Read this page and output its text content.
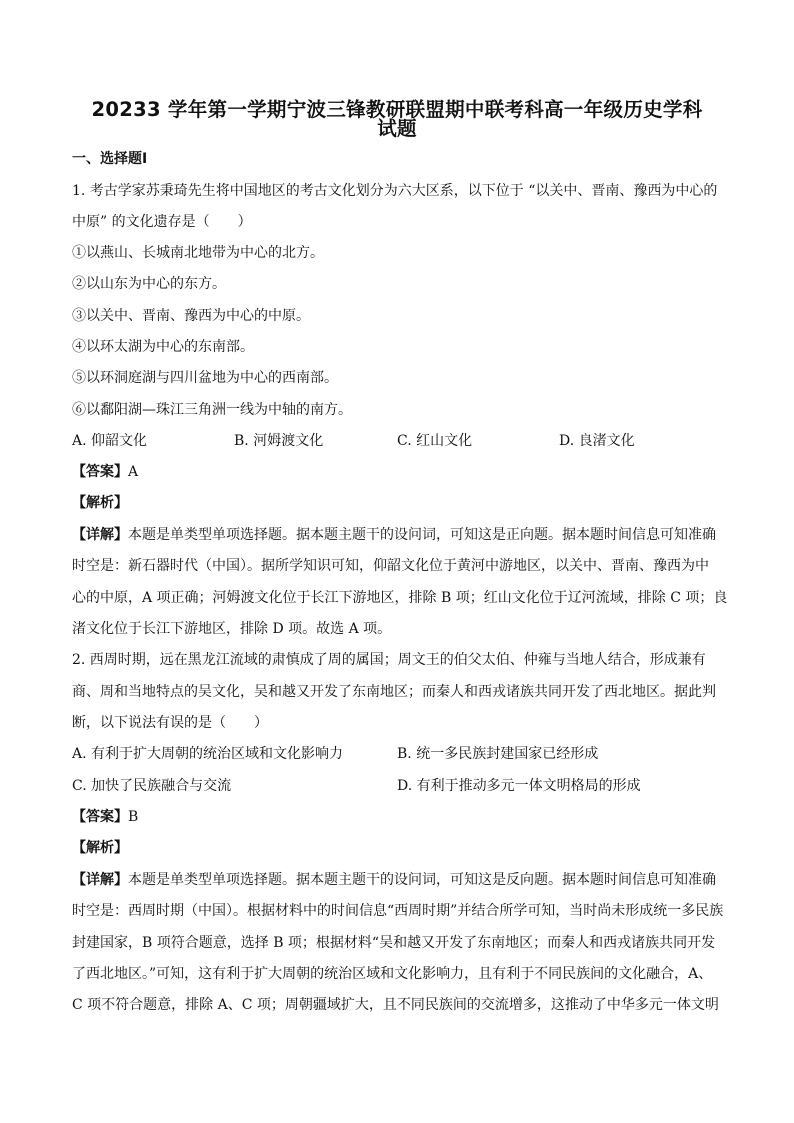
20233 学年第一学期宁波三锋教研联盟期中联考科高一年级历史学科
试题
一、选择题Ⅰ
1. 考古学家苏秉琦先生将中国地区的考古文化划分为六大区系，以下位于 “以关中、晋南、豫西为中心的
中原” 的文化遗存是（　　）
①以燕山、长城南北地带为中心的北方。
②以山东为中心的东方。
③以关中、晋南、豫西为中心的中原。
④以环太湖为中心的东南部。
⑤以环洞庭湖与四川盆地为中心的西南部。
⑥以鄱阳湖—珠江三角洲一线为中轴的南方。
A. 仰韶文化	B. 河姆渡文化	C. 红山文化	D. 良渚文化
【答案】A
【解析】
【详解】本题是单类型单项选择题。据本题主题干的设问词，可知这是正向题。据本题时间信息可知准确
时空是：新石器时代（中国）。据所学知识可知，仰韶文化位于黄河中游地区，以关中、晋南、豫西为中
心的中原，A 项正确；河姆渡文化位于长江下游地区，排除 B 项；红山文化位于辽河流域，排除 C 项；良
渚文化位于长江下游地区，排除 D 项。故选 A 项。
2. 西周时期，远在黑龙江流域的肃慎成了周的属国；周文王的伯父太伯、仲雍与当地人结合，形成兼有
商、周和当地特点的吴文化，吴和越又开发了东南地区；而秦人和西戎诸族共同开发了西北地区。据此判
断，以下说法有误的是（　　）
A. 有利于扩大周朝的统治区域和文化影响力	B. 统一多民族封建国家已经形成
C. 加快了民族融合与交流	D. 有利于推动多元一体文明格局的形成
【答案】B
【解析】
【详解】本题是单类型单项选择题。据本题主题干的设问词，可知这是反向题。据本题时间信息可知准确
时空是：西周时期（中国）。根据材料中的时间信息“西周时期”并结合所学可知，当时尚未形成统一多民族
封建国家，B 项符合题意，选择 B 项；根据材料“吴和越又开发了东南地区；而秦人和西戎诸族共同开发
了西北地区。”可知，这有利于扩大周朝的统治区域和文化影响力，且有利于不同民族间的文化融合，A、
C 项不符合题意，排除 A、C 项；周朝疆域扩大，且不同民族间的交流增多，这推动了中华多元一体文明
